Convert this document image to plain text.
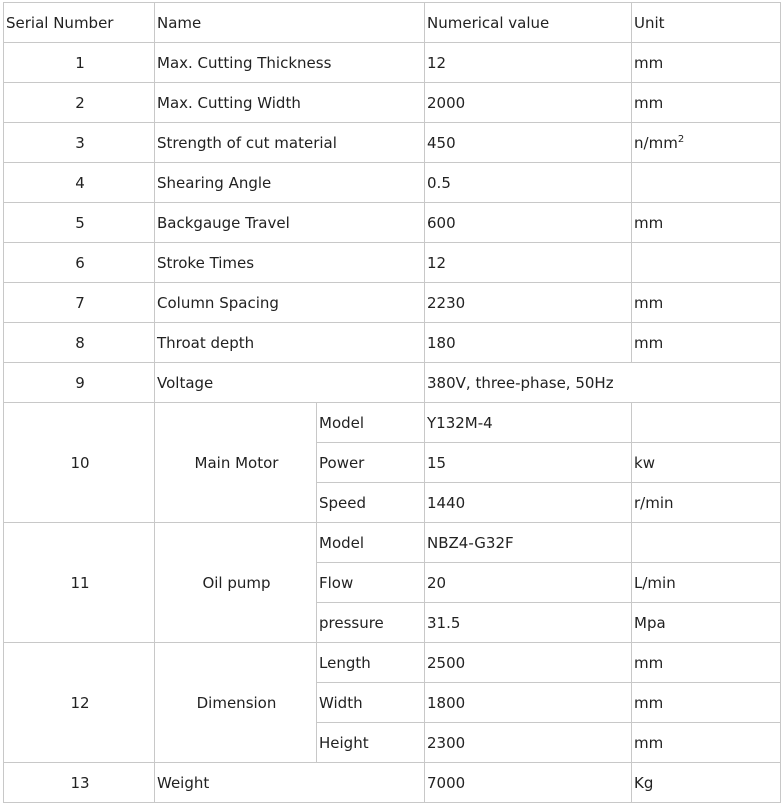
Serial Number	Name		Numerical value	Unit
1	Max. Cutting Thickness		12	mm
2	Max. Cutting Width		2000	mm
3	Strength of cut material		450	$n/mm^2$
4	Shearing Angle		0.5	
5	Backgauge Travel		600	mm
6	Stroke Times		12	
7	Column Spacing		2230	mm
8	Throat depth		180	mm
9	Voltage		380V, three-phase, 50Hz	
10	Main Motor	Model	Y132M-4	
		Power	15	kw
		Speed	1440	r/min
11	Oil pump	Model	NBZ4-G32F	
		Flow	20	L/min
		pressure	31.5	Mpa
12	Dimension	Length	2500	mm
		Width	1800	mm
		Height	2300	mm
13	Weight		7000	Kg
